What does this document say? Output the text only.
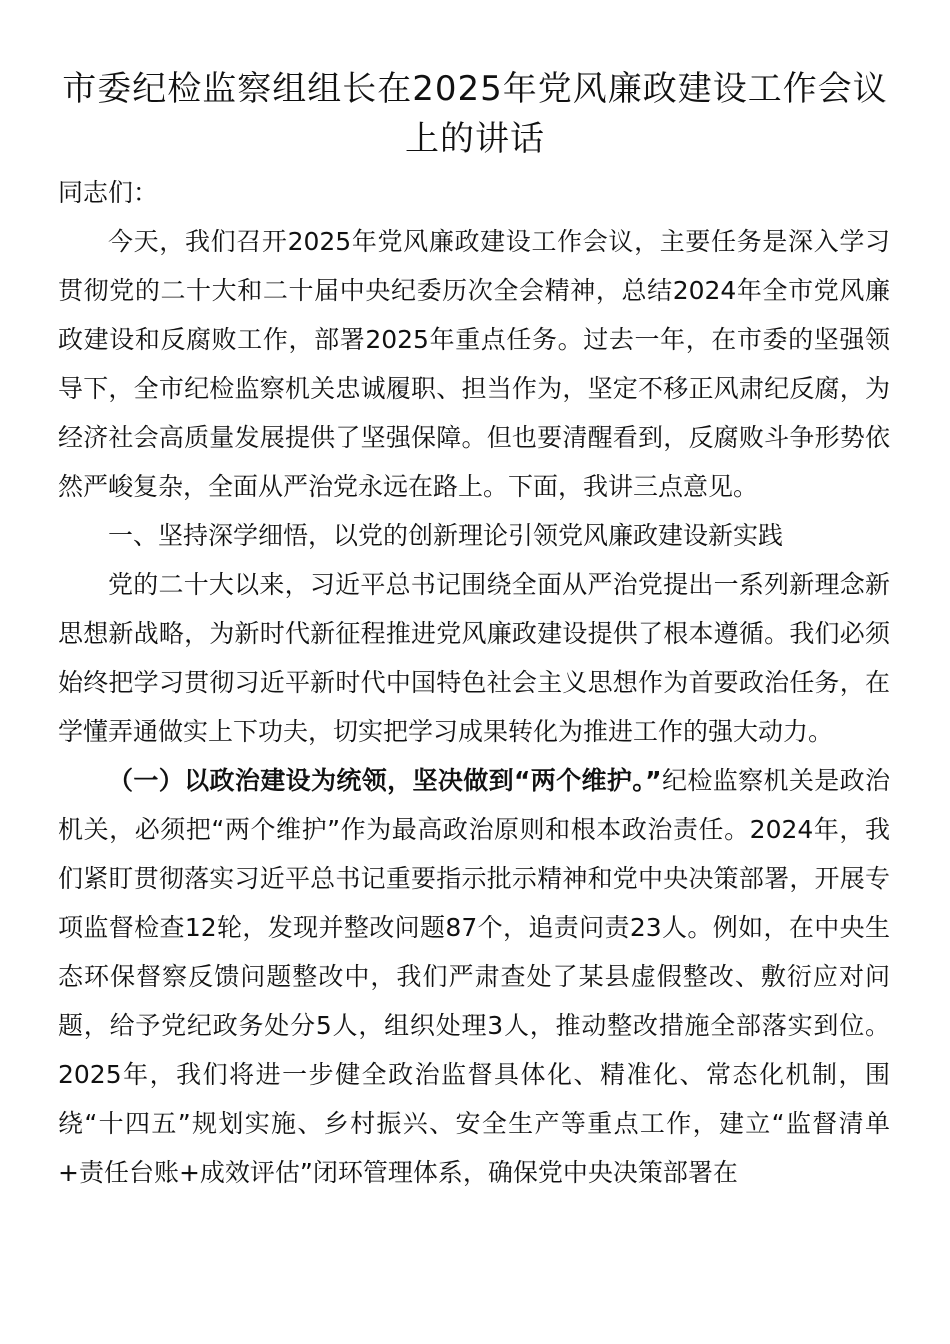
市委纪检监察组组长在2025年党风廉政建设工作会议上的讲话

同志们：

今天，我们召开2025年党风廉政建设工作会议，主要任务是深入学习贯彻党的二十大和二十届中央纪委历次全会精神，总结2024年全市党风廉政建设和反腐败工作，部署2025年重点任务。过去一年，在市委的坚强领导下，全市纪检监察机关忠诚履职、担当作为，坚定不移正风肃纪反腐，为经济社会高质量发展提供了坚强保障。但也要清醒看到，反腐败斗争形势依然严峻复杂，全面从严治党永远在路上。下面，我讲三点意见。

一、坚持深学细悟，以党的创新理论引领党风廉政建设新实践

党的二十大以来，习近平总书记围绕全面从严治党提出一系列新理念新思想新战略，为新时代新征程推进党风廉政建设提供了根本遵循。我们必须始终把学习贯彻习近平新时代中国特色社会主义思想作为首要政治任务，在学懂弄通做实上下功夫，切实把学习成果转化为推进工作的强大动力。

（一）以政治建设为统领，坚决做到“两个维护。”纪检监察机关是政治机关，必须把“两个维护”作为最高政治原则和根本政治责任。2024年，我们紧盯贯彻落实习近平总书记重要指示批示精神和党中央决策部署，开展专项监督检查12轮，发现并整改问题87个，追责问责23人。例如，在中央生态环保督察反馈问题整改中，我们严肃查处了某县虚假整改、敷衍应对问题，给予党纪政务处分5人，组织处理3人，推动整改措施全部落实到位。2025年，我们将进一步健全政治监督具体化、精准化、常态化机制，围绕“十四五”规划实施、乡村振兴、安全生产等重点工作，建立“监督清单+责任台账+成效评估”闭环管理体系，确保党中央决策部署在
